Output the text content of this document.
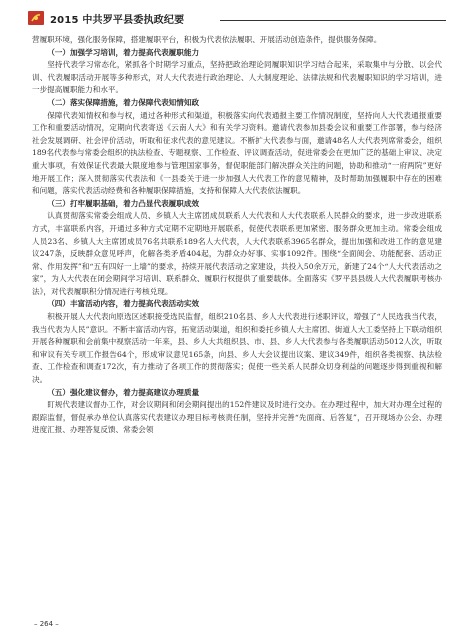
2015 中共罗平县委执政纪要

营履职环境，强化服务保障，搭建履职平台，积极为代表依法履职、开展活动创造条件，提供服务保障。

（一）加强学习培训，着力提高代表履职能力

坚持代表学习常态化，紧抓各个时期学习重点，坚持把政治理论同履职知识学习结合起来，采取集中与分散、以会代训、代表履职活动开展等多种形式，对人大代表进行政治理论、人大制度理论、法律法规和代表履职知识的学习培训，进一步提高履职能力和水平。

（二）落实保障措施，着力保障代表知情知政

保障代表知情权和参与权，通过各种形式和渠道，积极落实向代表通报主要工作情况制度，坚持向人大代表通报重要工作和重要活动情况，定期向代表寄送《云南人大》和有关学习资料。邀请代表参加县委会议和重要工作部署，参与经济社会发展调研、社会评价活动，听取和征求代表的意见建议。不断扩大代表参与面，邀请48名人大代表列席常委会，组织189名代表参与常委会组织的执法检查、专题视察、工作检查、评议调查活动，促进常委会在更加广泛的基础上审议、决定重大事项，有效保证代表最大限度地参与管理国家事务，督促职能部门解决群众关注的问题，协助和推动“一府两院”更好地开展工作；深入贯彻落实代表法和《一县委关于进一步加强人大代表工作的意见精神，及时帮助加强履职中存在的困难和问题，落实代表活动经费和各种履职保障措施，支持和保障人大代表依法履职。

（三）打牢履职基础，着力凸显代表履职成效

认真贯彻落实常委会组成人员、乡镇人大主席团成员联系人大代表和人大代表联系人民群众的要求，进一步改进联系方式，丰富联系内容，开通过多种方式定期不定期地开展联系，促使代表联系更加紧密、服务群众更加主动。常委会组成人员23名、乡镇人大主席团成员76名共联系189名人大代表，人大代表联系3965名群众，提出加强和改进工作的意见建议247条，反映群众意见呼声，化解各类矛盾404起，为群众办好事、实事1092件。围绕“全面阅会、功能配套、活动正常、作用发挥”和“五有四好一上墙”的要求，持续开展代表活动之家建设，共投入50余万元，新建了24个“人大代表活动之家”，为人大代表在闭会期间学习培训、联系群众、履职行权提供了重要载体。全面落实《罗平县县级人大代表履职考核办法》，对代表履职积分情况进行考核兑现。

（四）丰富活动内容，着力提高代表活动实效

积极开展人大代表向原选区述职接受选民监督，组织210名县、乡人大代表进行述职评议，增强了“人民选我当代表，我当代表为人民”意识。不断丰富活动内容，拓宽活动渠道，组织和委托乡镇人大主席团、街道人大工委坚持上下联动组织开展各种履职和会前集中视察活动一年来，县、乡人大共组织县、市、县、乡人大代表参与各类履职活动5012人次，听取和审议有关专项工作报告64个，形成审议意见165条，向县、乡人大会议提出议案、建议349件，组织各类视察、执法检查、工作检查和调查172次，有力推动了各项工作的贯彻落实；促使一些关系人民群众切身利益的问题逐步得到重视和解决。

（五）强化建议督办，着力提高建议办理质量

盯规代表建议督办工作，对会议期间和闭会期间提出的152件建议及时进行交办。在办理过程中，加大对办理全过程的跟踪监督，督促承办单位认真落实代表建议办理目标考核责任制，坚持并完善“先面商、后答复”，召开现场办公会、办理进度汇报、办理答复反馈、常委会领

– 264 –
